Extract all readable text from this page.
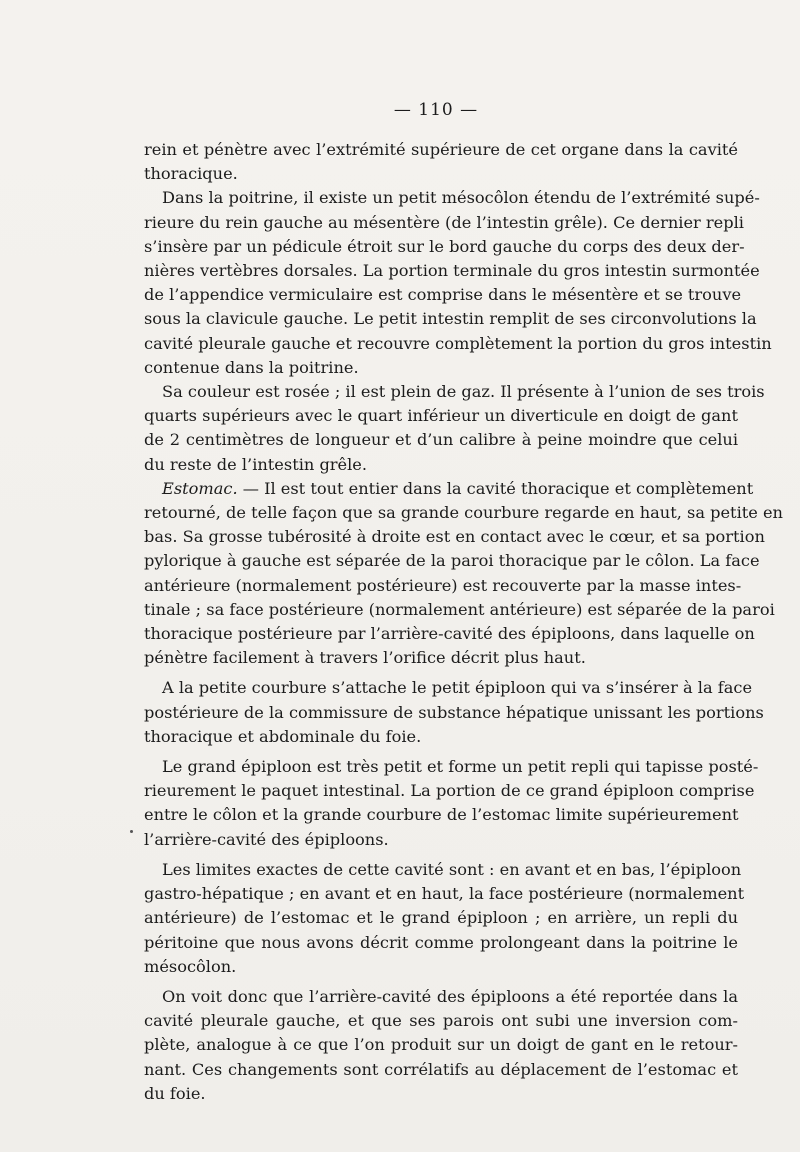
— 110 —

rein et pénètre avec l’extrémité supérieure de cet organe dans la cavité
thoracique.

Dans la poitrine, il existe un petit mésocôlon étendu de l’extrémité supé-
rieure du rein gauche au mésentère (de l’intestin grêle). Ce dernier repli
s’insère par un pédicule étroit sur le bord gauche du corps des deux der-
nières vertèbres dorsales. La portion terminale du gros intestin surmontée
de l’appendice vermiculaire est comprise dans le mésentère et se trouve
sous la clavicule gauche. Le petit intestin remplit de ses circonvolutions la
cavité pleurale gauche et recouvre complètement la portion du gros intestin
contenue dans la poitrine.

Sa couleur est rosée ; il est plein de gaz. Il présente à l’union de ses trois
quarts supérieurs avec le quart inférieur un diverticule en doigt de gant
de 2 centimètres de longueur et d’un calibre à peine moindre que celui
du reste de l’intestin grêle.

Estomac. — Il est tout entier dans la cavité thoracique et complètement
retourné, de telle façon que sa grande courbure regarde en haut, sa petite en
bas. Sa grosse tubérosité à droite est en contact avec le cœur, et sa portion
pylorique à gauche est séparée de la paroi thoracique par le côlon. La face
antérieure (normalement postérieure) est recouverte par la masse intes-
tinale ; sa face postérieure (normalement antérieure) est séparée de la paroi
thoracique postérieure par l’arrière-cavité des épiploons, dans laquelle on
pénètre facilement à travers l’orifice décrit plus haut.

A la petite courbure s’attache le petit épiploon qui va s’insérer à la face
postérieure de la commissure de substance hépatique unissant les portions
thoracique et abdominale du foie.

Le grand épiploon est très petit et forme un petit repli qui tapisse posté-
rieurement le paquet intestinal. La portion de ce grand épiploon comprise
entre le côlon et la grande courbure de l’estomac limite supérieurement
l’arrière-cavité des épiploons.

Les limites exactes de cette cavité sont : en avant et en bas, l’épiploon
gastro-hépatique ; en avant et en haut, la face postérieure (normalement
antérieure) de l’estomac et le grand épiploon ; en arrière, un repli du
péritoine que nous avons décrit comme prolongeant dans la poitrine le
mésocôlon.

On voit donc que l’arrière-cavité des épiploons a été reportée dans la
cavité pleurale gauche, et que ses parois ont subi une inversion com-
plète, analogue à ce que l’on produit sur un doigt de gant en le retour-
nant. Ces changements sont corrélatifs au déplacement de l’estomac et
du foie.
